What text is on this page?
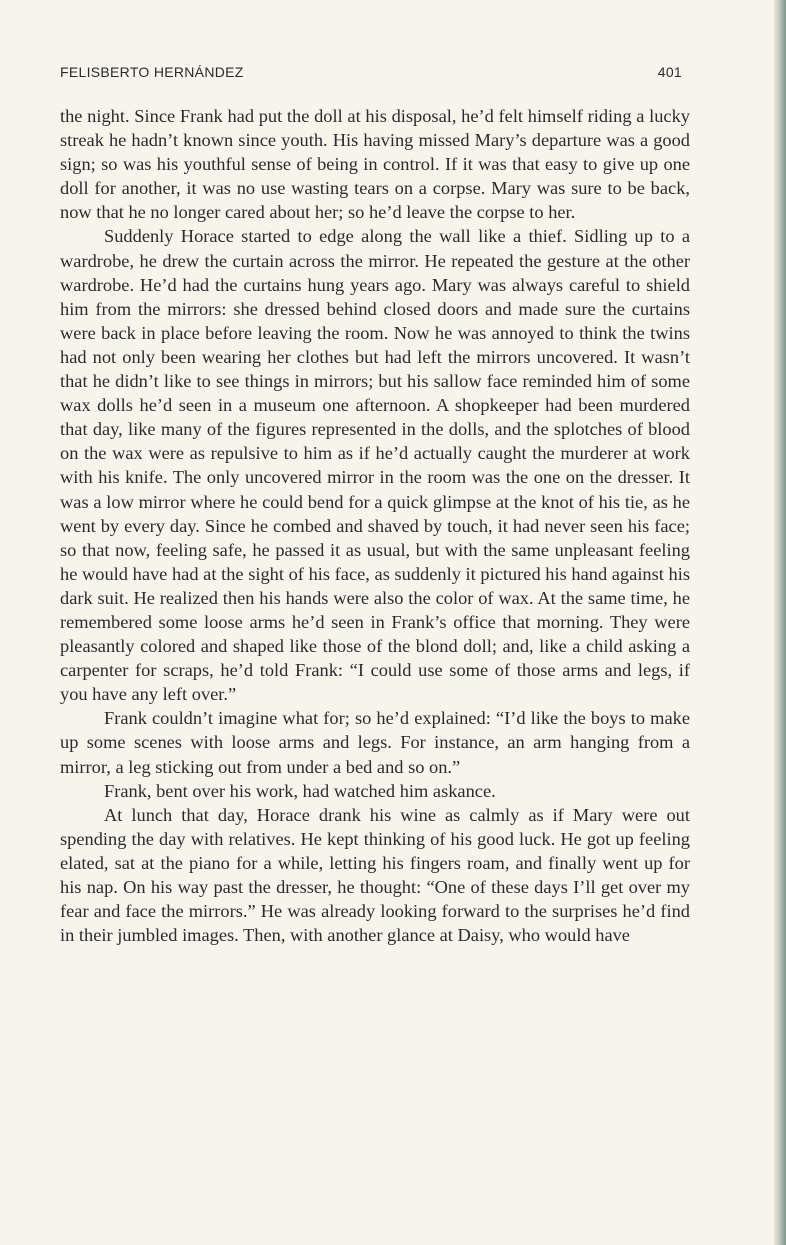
FELISBERTO HERNÁNDEZ	401

the night. Since Frank had put the doll at his disposal, he’d felt himself riding a lucky streak he hadn’t known since youth. His having missed Mary’s departure was a good sign; so was his youthful sense of being in control. If it was that easy to give up one doll for another, it was no use wasting tears on a corpse. Mary was sure to be back, now that he no longer cared about her; so he’d leave the corpse to her.

Suddenly Horace started to edge along the wall like a thief. Sidling up to a wardrobe, he drew the curtain across the mirror. He repeated the gesture at the other wardrobe. He’d had the curtains hung years ago. Mary was always careful to shield him from the mirrors: she dressed behind closed doors and made sure the curtains were back in place before leaving the room. Now he was annoyed to think the twins had not only been wearing her clothes but had left the mirrors uncovered. It wasn’t that he didn’t like to see things in mirrors; but his sallow face reminded him of some wax dolls he’d seen in a museum one afternoon. A shopkeeper had been murdered that day, like many of the figures represented in the dolls, and the splotches of blood on the wax were as repulsive to him as if he’d actually caught the murderer at work with his knife. The only uncovered mirror in the room was the one on the dresser. It was a low mirror where he could bend for a quick glimpse at the knot of his tie, as he went by every day. Since he combed and shaved by touch, it had never seen his face; so that now, feeling safe, he passed it as usual, but with the same unpleasant feeling he would have had at the sight of his face, as suddenly it pictured his hand against his dark suit. He realized then his hands were also the color of wax. At the same time, he remembered some loose arms he’d seen in Frank’s office that morning. They were pleasantly colored and shaped like those of the blond doll; and, like a child asking a carpenter for scraps, he’d told Frank: “I could use some of those arms and legs, if you have any left over.”

Frank couldn’t imagine what for; so he’d explained: “I’d like the boys to make up some scenes with loose arms and legs. For instance, an arm hanging from a mirror, a leg sticking out from under a bed and so on.”

Frank, bent over his work, had watched him askance.

At lunch that day, Horace drank his wine as calmly as if Mary were out spending the day with relatives. He kept thinking of his good luck. He got up feeling elated, sat at the piano for a while, letting his fingers roam, and finally went up for his nap. On his way past the dresser, he thought: “One of these days I’ll get over my fear and face the mirrors.” He was already looking forward to the surprises he’d find in their jumbled images. Then, with another glance at Daisy, who would have
